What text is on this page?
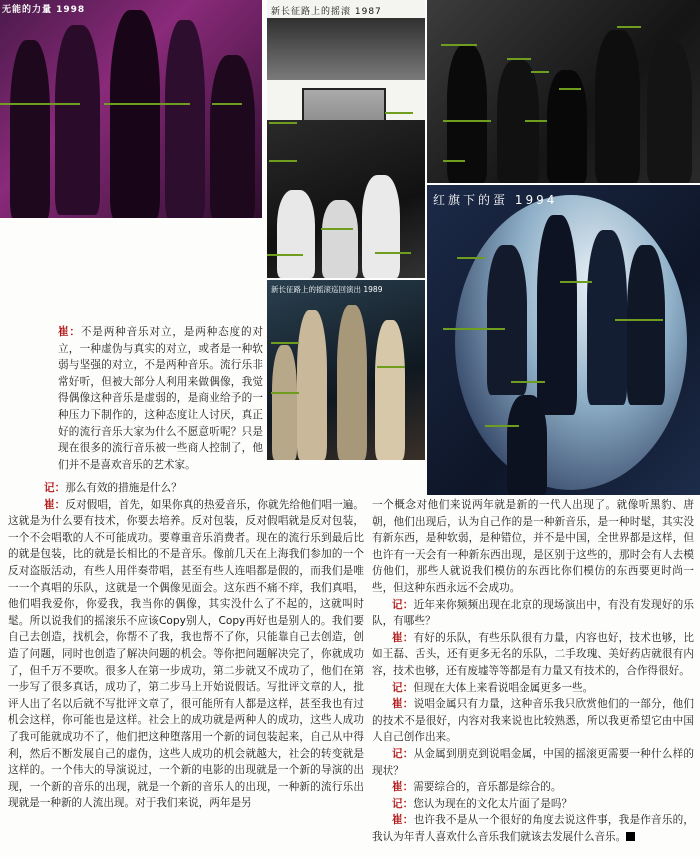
无能的力量 1998	新长征路上的摇滚 1987
新长征路上的摇滚巡回演出 1989
红旗下的蛋 1994

崔：不是两种音乐对立，是两种态度的对立，一种虚伪与真实的对立，或者是一种软弱与坚强的对立，不是两种音乐。流行乐非常好听，但被大部分人利用来做偶像，我觉得偶像这种音乐是虚弱的，是商业给予的一种压力下制作的，这种态度让人讨厌，真正好的流行音乐大家为什么不愿意听呢？只是现在很多的流行音乐被一些商人控制了，他们并不是喜欢音乐的艺术家。

记：那么有效的措施是什么？

崔：反对假唱，首先，如果你真的热爱音乐，你就先给他们唱一遍。这就是为什么要有技术，你要去培养。反对包装，反对假唱就是反对包装，一个不会唱歌的人不可能成功。要尊重音乐消费者。现在的流行乐到最后比的就是包装，比的就是长相比的不是音乐。像前几天在上海我们参加的一个反对盗版活动，有些人用伴奏带唱，甚至有些人连唱都是假的，而我们是唯一一个真唱的乐队，这就是一个偶像见面会。这东西不痛不痒，我们真唱，他们唱我爱你，你爱我，我当你的偶像，其实没什么了不起的，这就叫时髦。所以说我们的摇滚乐不应该Copy别人，Copy再好也是别人的。我们要自己去创造，找机会，你帮不了我，我也帮不了你，只能靠自己去创造，创造了问题，同时也创造了解决问题的机会。等你把问题解决完了，你就成功了，但千万不要吹。很多人在第一步成功，第二步就又不成功了，他们在第一步写了很多真话，成功了，第二步马上开始说假话。写批评文章的人，批评人出了名以后就不写批评文章了，很可能所有人都是这样，甚至我也有过机会这样，你可能也是这样。社会上的成功就是两种人的成功，这些人成功了我可能就成功不了，他们把这种堕落用一个新的词包装起来，自己从中得利，然后不断发展自己的虚伪，这些人成功的机会就越大，社会的转变就是这样的。一个伟大的导演说过，一个新的电影的出现就是一个新的导演的出现，一个新的音乐的出现，就是一个新的音乐人的出现，一种新的流行乐出现就是一种新的人流出现。对于我们来说，两年是另

一个概念对他们来说两年就是新的一代人出现了。就像听黑豹、唐朝，他们出现后，认为自己作的是一种新音乐，是一种时髦，其实没有新东西，是种软弱，是种错位，并不是中国，全世界都是这样，但也许有一天会有一种新东西出现，是区别于这些的，那时会有人去模仿他们，那些人就说我们模仿的东西比你们模仿的东西要更时尚一些，但这种东西永远不会成功。

记：近年来你频频出现在北京的现场演出中，有没有发现好的乐队，有哪些？

崔：有好的乐队，有些乐队很有力量，内容也好，技术也够，比如王磊、舌头，还有更多无名的乐队，二手玫瑰、美好药店就很有内容，技术也够，还有废墟等等都是有力量又有技术的，合作得很好。

记：但现在大体上来看说唱金属更多一些。

崔：说唱金属只有力量，这种音乐我只欣赏他们的一部分，他们的技术不是很好，内容对我来说也比较熟悉，所以我更希望它由中国人自己创作出来。

记：从金属到朋克到说唱金属，中国的摇滚更需要一种什么样的现状？

崔：需要综合的，音乐都是综合的。

记：您认为现在的文化太片面了是吗？

崔：也许我不是从一个很好的角度去说这件事，我是作音乐的，我认为年青人喜欢什么音乐我们就该去发展什么音乐。
